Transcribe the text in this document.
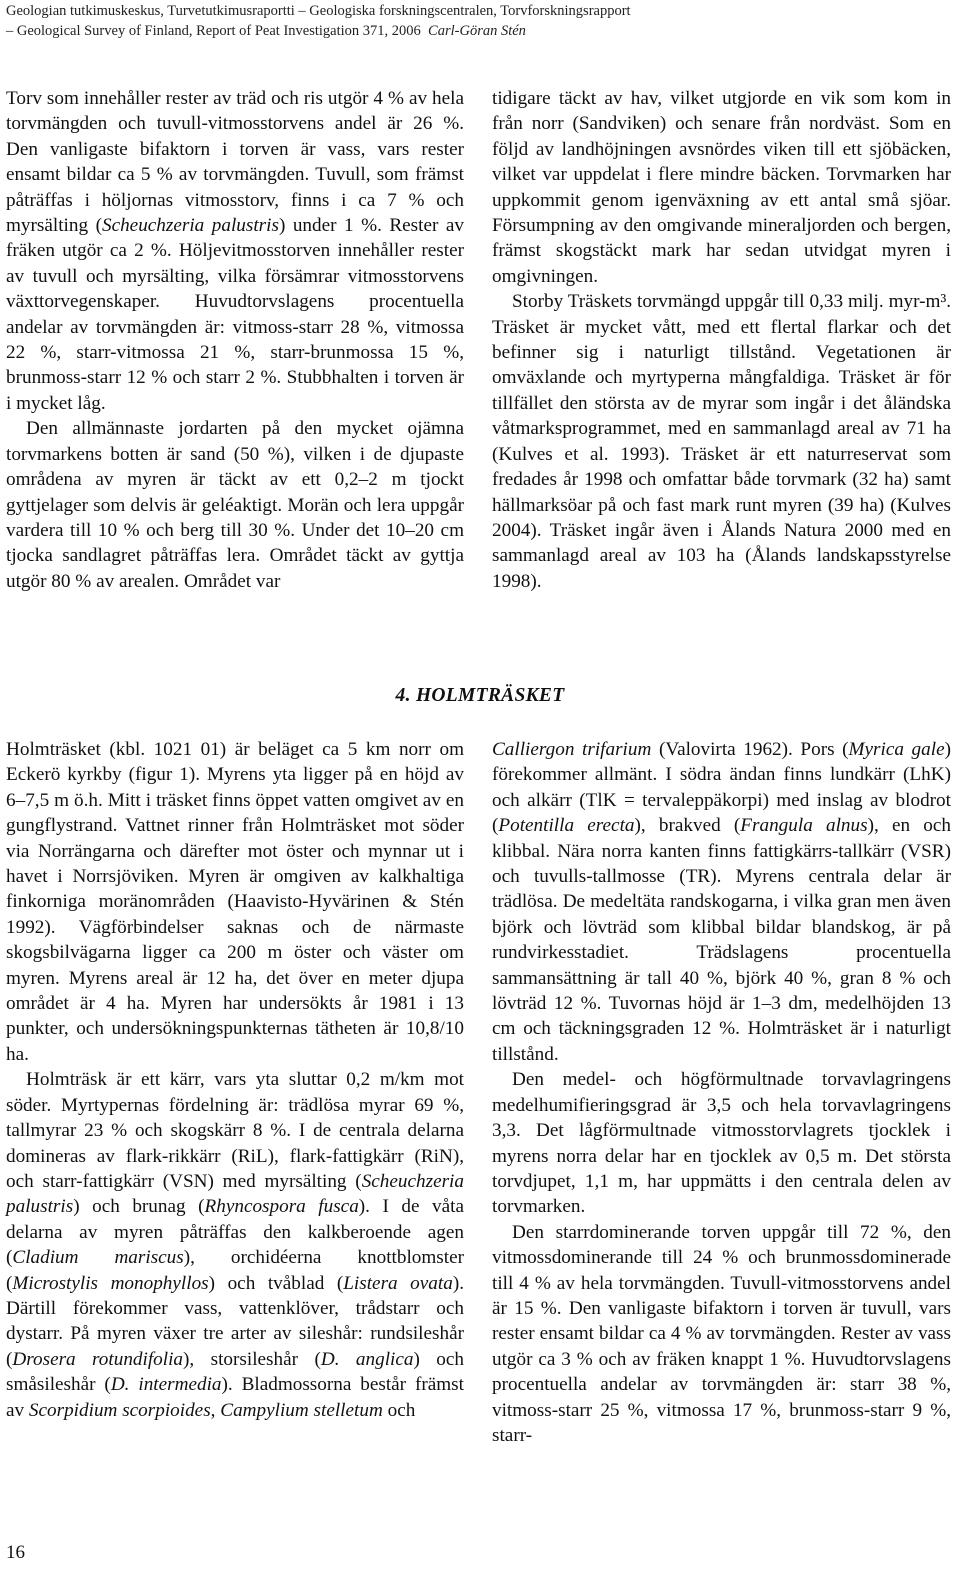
Geologian tutkimuskeskus, Turvetutkimusraportti – Geologiska forskningscentralen, Torvforskningsrapport
– Geological Survey of Finland, Report of Peat Investigation 371, 2006 Carl-Göran Stén

Torv som innehåller rester av träd och ris utgör 4 % av hela torvmängden och tuvull-vitmosstorvens andel är 26 %. Den vanligaste bifaktorn i torven är vass, vars rester ensamt bildar ca 5 % av torvmängden. Tuvull, som främst påträffas i höljornas vitmosstorv, finns i ca 7 % och myrsälting (Scheuchzeria palustris) under 1 %. Rester av fräken utgör ca 2 %. Höljevitmosstorven innehåller rester av tuvull och myrsälting, vilka försämrar vitmosstorvens växttorvegenskaper. Huvudtorvslagens procentuella andelar av torvmängden är: vitmoss-starr 28 %, vitmossa 22 %, starr-vitmossa 21 %, starr-brunmossa 15 %, brunmoss-starr 12 % och starr 2 %. Stubbhalten i torven är i mycket låg.

Den allmännaste jordarten på den mycket ojämna torvmarkens botten är sand (50 %), vilken i de djupaste områdena av myren är täckt av ett 0,2–2 m tjockt gyttjelager som delvis är geléaktigt. Morän och lera uppgår vardera till 10 % och berg till 30 %. Under det 10–20 cm tjocka sandlagret påträffas lera. Området täckt av gyttja utgör 80 % av arealen. Området var

tidigare täckt av hav, vilket utgjorde en vik som kom in från norr (Sandviken) och senare från nordväst. Som en följd av landhöjningen avsnördes viken till ett sjöbäcken, vilket var uppdelat i flere mindre bäcken. Torvmarken har uppkommit genom igenväxning av ett antal små sjöar. Försumpning av den omgivande mineraljorden och bergen, främst skogstäckt mark har sedan utvidgat myren i omgivningen.

Storby Träskets torvmängd uppgår till 0,33 milj. myr-m³. Träsket är mycket vått, med ett flertal flarkar och det befinner sig i naturligt tillstånd. Vegetationen är omväxlande och myrtyperna mångfaldiga. Träsket är för tillfället den största av de myrar som ingår i det åländska våtmarksprogrammet, med en sammanlagd areal av 71 ha (Kulves et al. 1993). Träsket är ett naturreservat som fredades år 1998 och omfattar både torvmark (32 ha) samt hällmarksöar på och fast mark runt myren (39 ha) (Kulves 2004). Träsket ingår även i Ålands Natura 2000 med en sammanlagd areal av 103 ha (Ålands landskapsstyrelse 1998).

4. HOLMTRÄSKET

Holmträsket (kbl. 1021 01) är beläget ca 5 km norr om Eckerö kyrkby (figur 1). Myrens yta ligger på en höjd av 6–7,5 m ö.h. Mitt i träsket finns öppet vatten omgivet av en gungflystrand. Vattnet rinner från Holmträsket mot söder via Norrängarna och därefter mot öster och mynnar ut i havet i Norrsjöviken. Myren är omgiven av kalkhaltiga finkorniga moränområden (Haavisto-Hyvärinen & Stén 1992). Vägförbindelser saknas och de närmaste skogsbilvägarna ligger ca 200 m öster och väster om myren. Myrens areal är 12 ha, det över en meter djupa området är 4 ha. Myren har undersökts år 1981 i 13 punkter, och undersökningspunkternas tätheten är 10,8/10 ha.

Holmträsk är ett kärr, vars yta sluttar 0,2 m/km mot söder. Myrtypernas fördelning är: trädlösa myrar 69 %, tallmyrar 23 % och skogskärr 8 %. I de centrala delarna domineras av flark-rikkärr (RiL), flark-fattigkärr (RiN), och starr-fattigkärr (VSN) med myrsälting (Scheuchzeria palustris) och brunag (Rhyncospora fusca). I de våta delarna av myren påträffas den kalkberoende agen (Cladium mariscus), orchidéerna knottblomster (Microstylis monophyllos) och tvåblad (Listera ovata). Därtill förekommer vass, vattenklöver, trådstarr och dystarr. På myren växer tre arter av sileshår: rundsileshår (Drosera rotundifolia), storsileshår (D. anglica) och småsileshår (D. intermedia). Bladmossorna består främst av Scorpidium scorpioides, Campylium stelletum och

Calliergon trifarium (Valovirta 1962). Pors (Myrica gale) förekommer allmänt. I södra ändan finns lundkärr (LhK) och alkärr (TlK = tervaleppäkorpi) med inslag av blodrot (Potentilla erecta), brakved (Frangula alnus), en och klibbal. Nära norra kanten finns fattigkärrs-tallkärr (VSR) och tuvulls-tallmosse (TR). Myrens centrala delar är trädlösa. De medeltäta randskogarna, i vilka gran men även björk och lövträd som klibbal bildar blandskog, är på rundvirkesstadiet. Trädslagens procentuella sammansättning är tall 40 %, björk 40 %, gran 8 % och lövträd 12 %. Tuvornas höjd är 1–3 dm, medelhöjden 13 cm och täckningsgraden 12 %. Holmträsket är i naturligt tillstånd.

Den medel- och högförmultnade torvavlagringens medelhumifieringsgrad är 3,5 och hela torvavlagringens 3,3. Det lågförmultnade vitmosstorvlagrets tjocklek i myrens norra delar har en tjocklek av 0,5 m. Det största torvdjupet, 1,1 m, har uppmätts i den centrala delen av torvmarken.

Den starrdominerande torven uppgår till 72 %, den vitmossdominerande till 24 % och brunmossdominerade till 4 % av hela torvmängden. Tuvull-vitmosstorvens andel är 15 %. Den vanligaste bifaktorn i torven är tuvull, vars rester ensamt bildar ca 4 % av torvmängden. Rester av vass utgör ca 3 % och av fräken knappt 1 %. Huvudtorvslagens procentuella andelar av torvmängden är: starr 38 %, vitmoss-starr 25 %, vitmossa 17 %, brunmoss-starr 9 %, starr-

16
